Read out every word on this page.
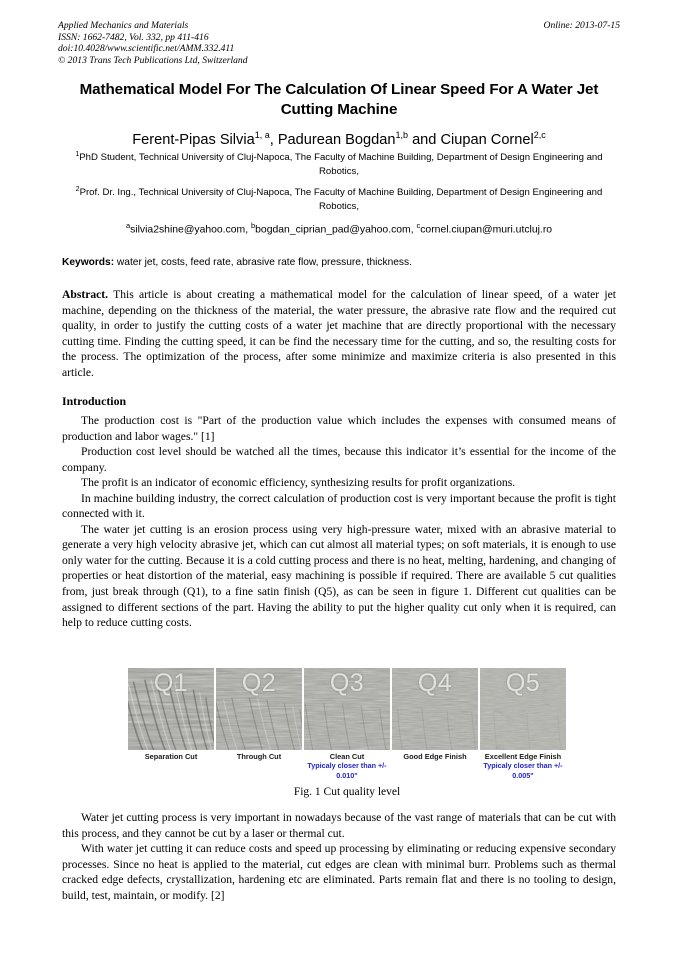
Applied Mechanics and Materials
ISSN: 1662-7482, Vol. 332, pp 411-416
doi:10.4028/www.scientific.net/AMM.332.411
© 2013 Trans Tech Publications Ltd, Switzerland
Online: 2013-07-15
Mathematical Model For The Calculation Of Linear Speed For A Water Jet Cutting Machine
Ferent-Pipas Silvia$^{1, a}$, Padurean Bogdan$^{1,b}$ and Ciupan Cornel$^{2,c}$
$^1$PhD Student, Technical University of Cluj-Napoca, The Faculty of Machine Building, Department of Design Engineering and Robotics,
$^2$Prof. Dr. Ing., Technical University of Cluj-Napoca, The Faculty of Machine Building, Department of Design Engineering and Robotics,
$^a$silvia2shine@yahoo.com, $^b$bogdan_ciprian_pad@yahoo.com, $^c$cornel.ciupan@muri.utcluj.ro
Keywords: water jet, costs, feed rate, abrasive rate flow, pressure, thickness.
Abstract. This article is about creating a mathematical model for the calculation of linear speed, of a water jet machine, depending on the thickness of the material, the water pressure, the abrasive rate flow and the required cut quality, in order to justify the cutting costs of a water jet machine that are directly proportional with the necessary cutting time. Finding the cutting speed, it can be find the necessary time for the cutting, and so, the resulting costs for the process. The optimization of the process, after some minimize and maximize criteria is also presented in this article.
Introduction

The production cost is "Part of the production value which includes the expenses with consumed means of production and labor wages." [1]

Production cost level should be watched all the times, because this indicator it’s essential for the income of the company.

The profit is an indicator of economic efficiency, synthesizing results for profit organizations.

In machine building industry, the correct calculation of production cost is very important because the profit is tight connected with it.

The water jet cutting is an erosion process using very high-pressure water, mixed with an abrasive material to generate a very high velocity abrasive jet, which can cut almost all material types; on soft materials, it is enough to use only water for the cutting. Because it is a cold cutting process and there is no heat, melting, hardening, and changing of properties or heat distortion of the material, easy machining is possible if required. There are available 5 cut qualities from, just break through (Q1), to a fine satin finish (Q5), as can be seen in figure 1. Different cut qualities can be assigned to different sections of the part. Having the ability to put the higher quality cut only when it is required, can help to reduce cutting costs.

Q1 Q2 Q3 Q4 Q5
Separation Cut	Through Cut	Clean Cut
Typicaly closer than +/- 0.010"
Good Edge Finish	Excellent Edge Finish
Typicaly closer than +/- 0.005"
Fig. 1 Cut quality level

Water jet cutting process is very important in nowadays because of the vast range of materials that can be cut with this process, and they cannot be cut by a laser or thermal cut.

With water jet cutting it can reduce costs and speed up processing by eliminating or reducing expensive secondary processes. Since no heat is applied to the material, cut edges are clean with minimal burr. Problems such as thermal cracked edge defects, crystallization, hardening etc are eliminated. Parts remain flat and there is no tooling to design, build, test, maintain, or modify. [2]
